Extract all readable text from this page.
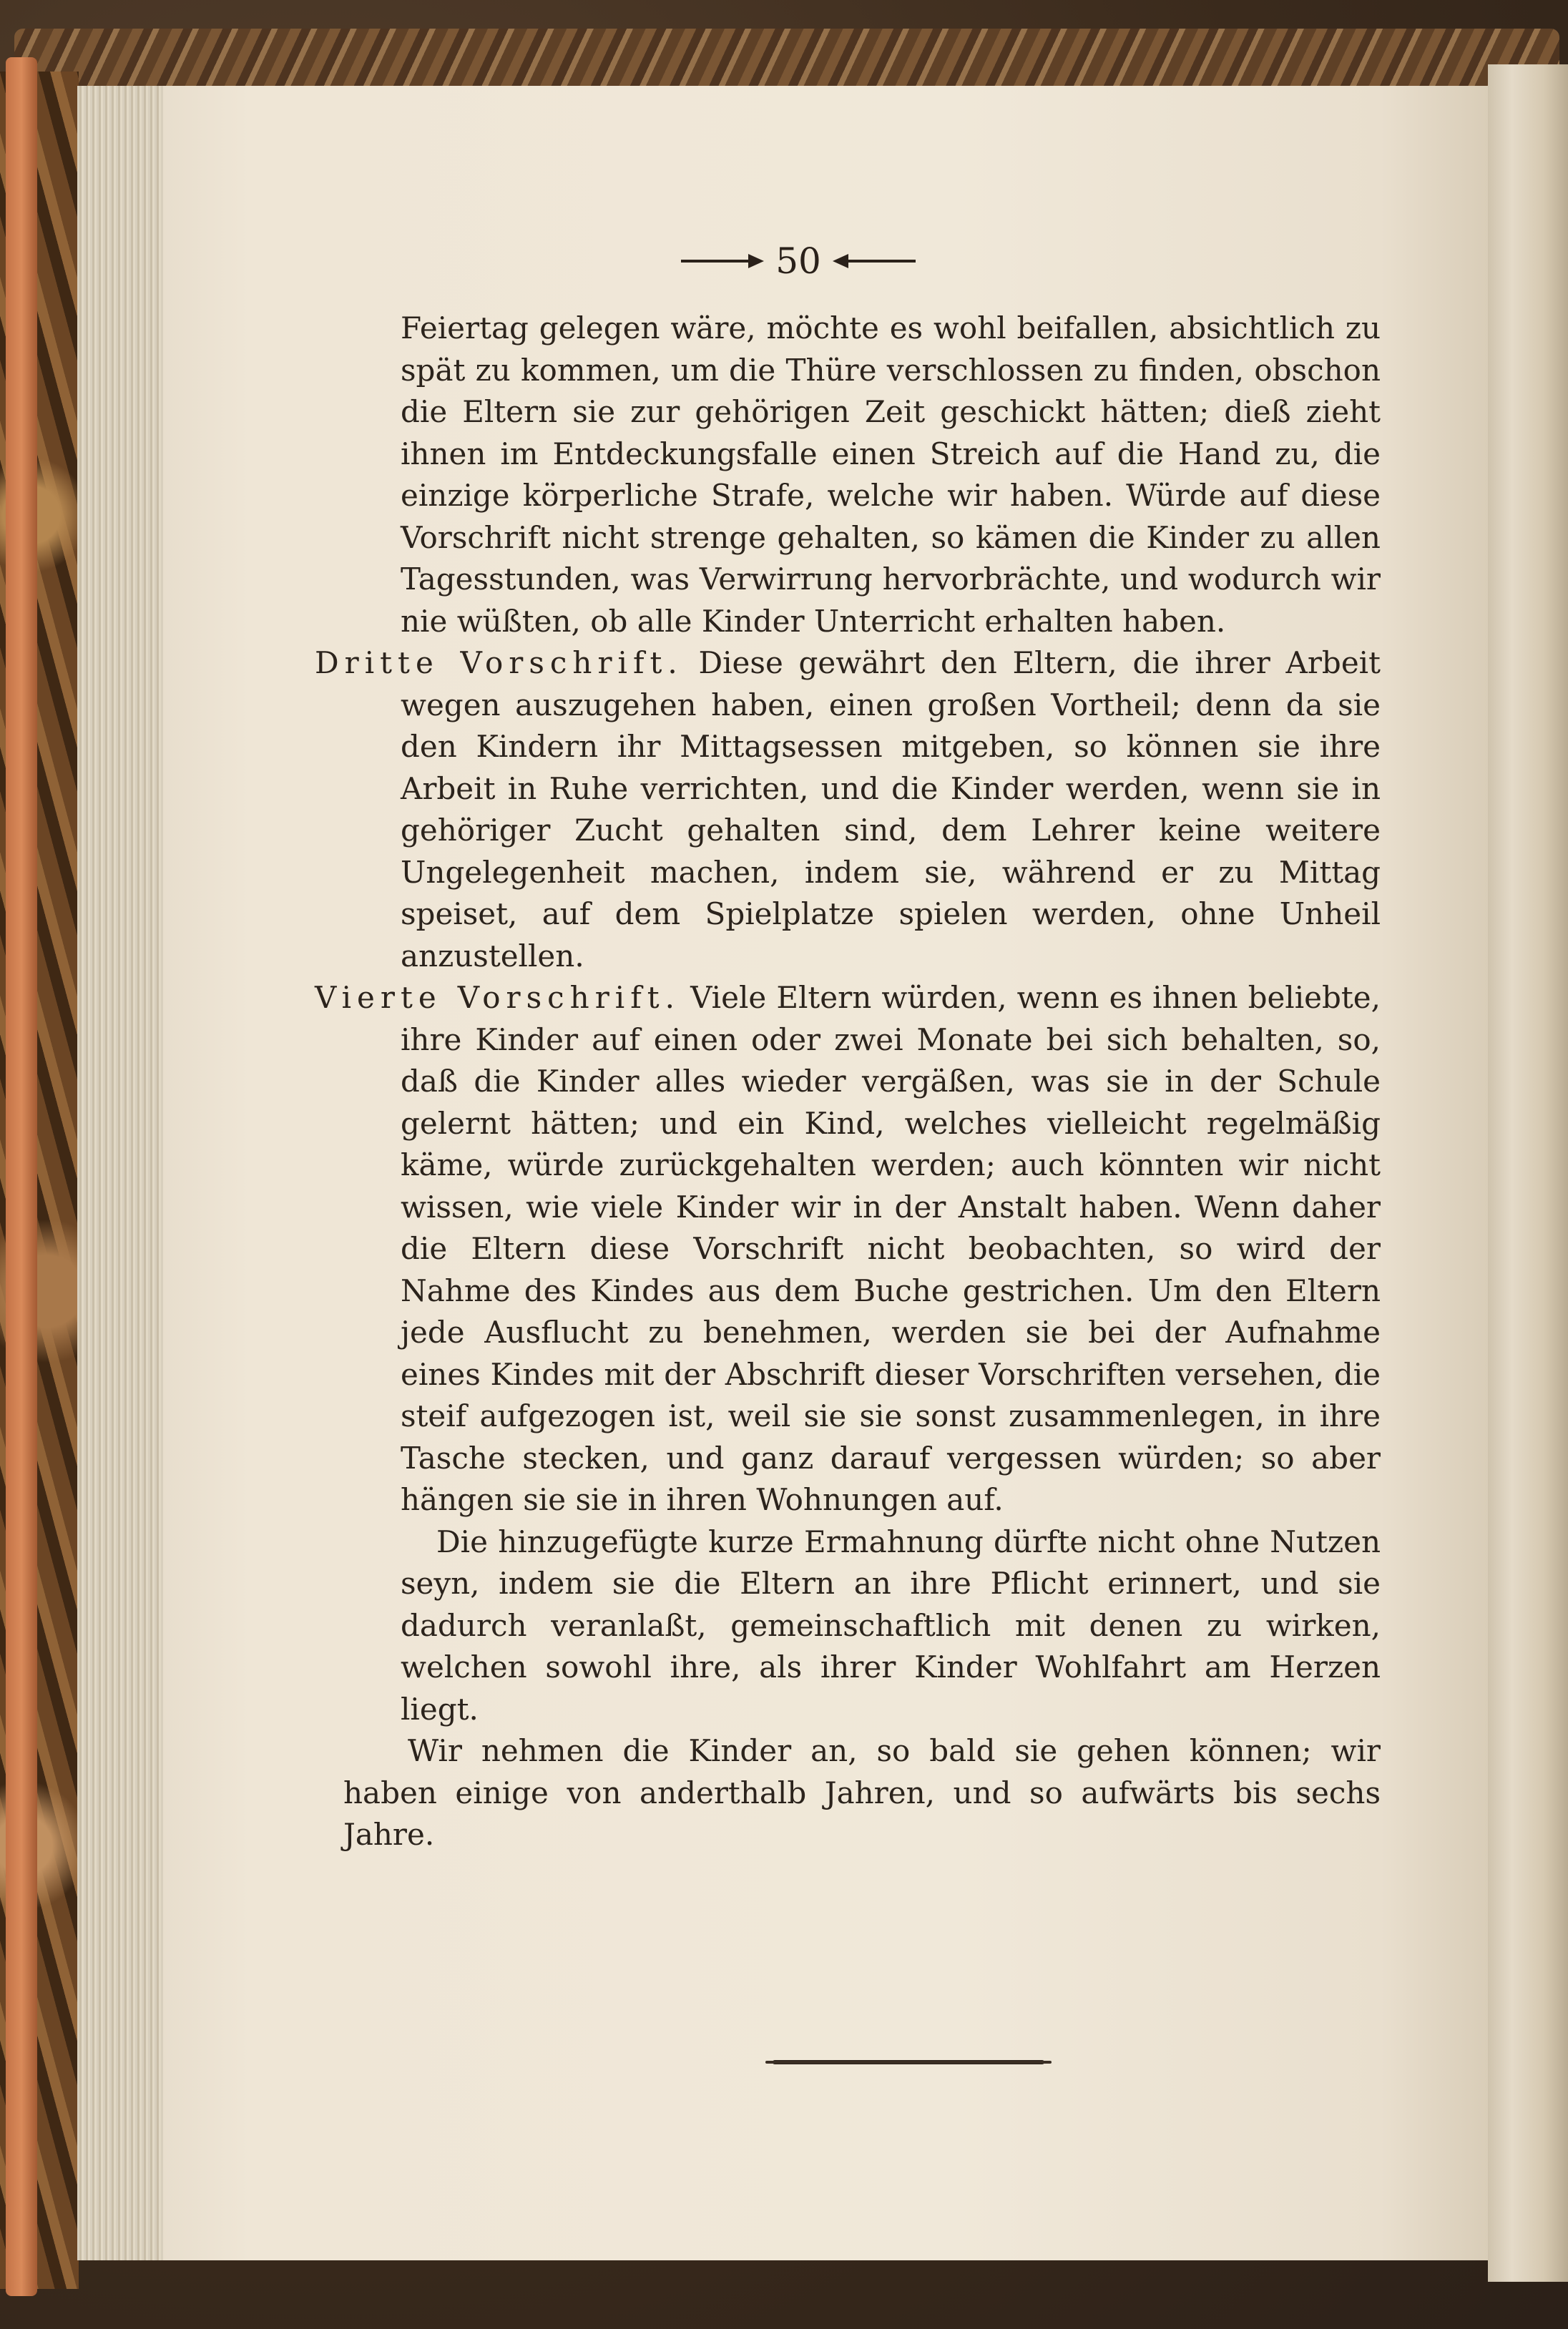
50

Feiertag gelegen wäre, möchte es wohl beifallen, absichtlich zu spät zu kommen, um die Thüre verschlossen zu finden, obschon die Eltern sie zur gehörigen Zeit geschickt hätten; dieß zieht ihnen im Entdeckungsfalle einen Streich auf die Hand zu, die einzige körperliche Strafe, welche wir haben. Würde auf diese Vorschrift nicht strenge gehalten, so kämen die Kinder zu allen Tagesstunden, was Verwirrung hervorbrächte, und wodurch wir nie wüßten, ob alle Kinder Unterricht erhalten haben.

Dritte Vorschrift. Diese gewährt den Eltern, die ihrer Arbeit wegen auszugehen haben, einen großen Vortheil; denn da sie den Kindern ihr Mittagsessen mitgeben, so können sie ihre Arbeit in Ruhe verrichten, und die Kinder werden, wenn sie in gehöriger Zucht gehalten sind, dem Lehrer keine weitere Ungelegenheit machen, indem sie, während er zu Mittag speiset, auf dem Spielplatze spielen werden, ohne Unheil anzustellen.

Vierte Vorschrift. Viele Eltern würden, wenn es ihnen beliebte, ihre Kinder auf einen oder zwei Monate bei sich behalten, so, daß die Kinder alles wieder vergäßen, was sie in der Schule gelernt hätten; und ein Kind, welches vielleicht regelmäßig käme, würde zurückgehalten werden; auch könnten wir nicht wissen, wie viele Kinder wir in der Anstalt haben. Wenn daher die Eltern diese Vorschrift nicht beobachten, so wird der Nahme des Kindes aus dem Buche gestrichen. Um den Eltern jede Ausflucht zu benehmen, werden sie bei der Aufnahme eines Kindes mit der Abschrift dieser Vorschriften versehen, die steif aufgezogen ist, weil sie sie sonst zusammenlegen, in ihre Tasche stecken, und ganz darauf vergessen würden; so aber hängen sie sie in ihren Wohnungen auf.

Die hinzugefügte kurze Ermahnung dürfte nicht ohne Nutzen seyn, indem sie die Eltern an ihre Pflicht erinnert, und sie dadurch veranlaßt, gemeinschaftlich mit denen zu wirken, welchen sowohl ihre, als ihrer Kinder Wohlfahrt am Herzen liegt.

Wir nehmen die Kinder an, so bald sie gehen können; wir haben einige von anderthalb Jahren, und so aufwärts bis sechs Jahre.
